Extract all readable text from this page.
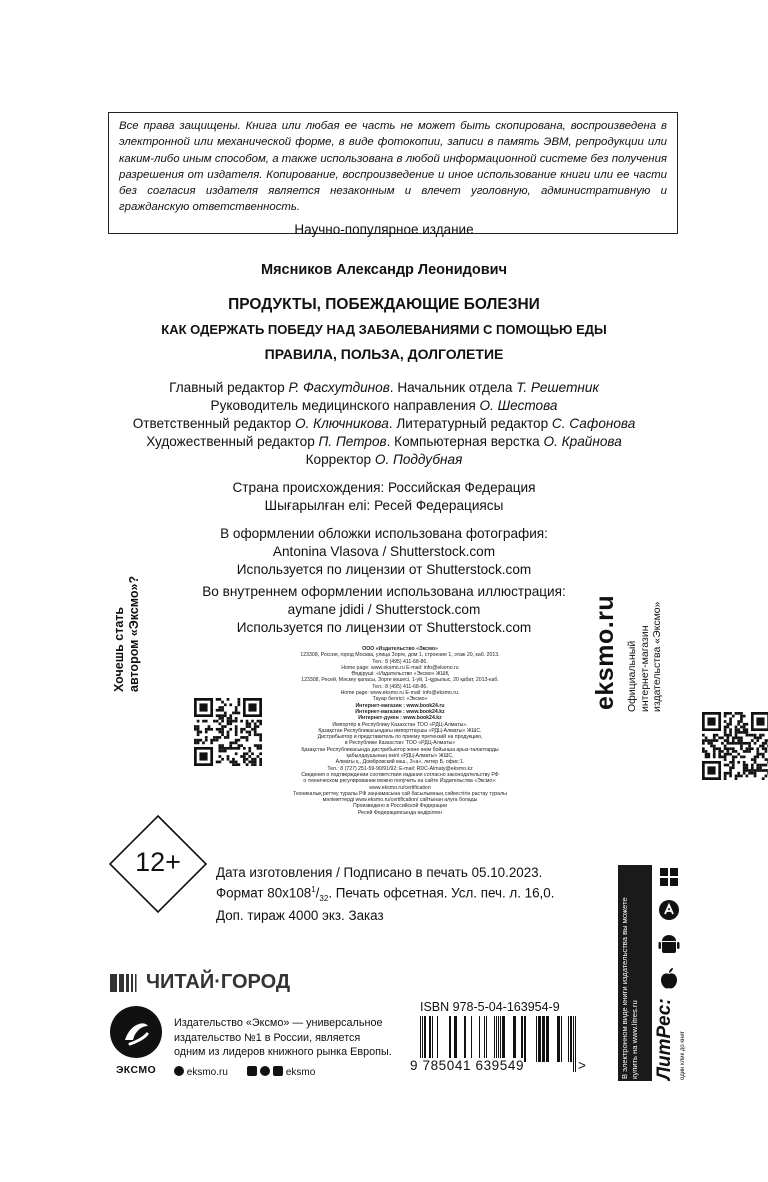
Все права защищены. Книга или любая ее часть не может быть скопирована, воспроизведена в электронной или механической форме, в виде фотокопии, записи в память ЭВМ, репродукции или каким-либо иным способом, а также использована в любой информационной системе без получения разрешения от издателя. Копирование, воспроизведение и иное использование книги или ее части без согласия издателя является незаконным и влечет уголовную, административную и гражданскую ответственность.
Научно-популярное издание
Мясников Александр Леонидович
ПРОДУКТЫ, ПОБЕЖДАЮЩИЕ БОЛЕЗНИ
КАК ОДЕРЖАТЬ ПОБЕДУ НАД ЗАБОЛЕВАНИЯМИ С ПОМОЩЬЮ ЕДЫ
ПРАВИЛА, ПОЛЬЗА, ДОЛГОЛЕТИЕ
Главный редактор Р. Фасхутдинов. Начальник отдела Т. Решетник
Руководитель медицинского направления О. Шестова
Ответственный редактор О. Ключникова. Литературный редактор С. Сафонова
Художественный редактор П. Петров. Компьютерная верстка О. Крайнова
Корректор О. Поддубная
Страна происхождения: Российская Федерация
Шығарылған елі: Ресей Федерациясы
В оформлении обложки использована фотография:
Antonina Vlasova / Shutterstock.com
Используется по лицензии от Shutterstock.com
Во внутреннем оформлении использована иллюстрация:
aymane jdidi / Shutterstock.com
Используется по лицензии от Shutterstock.com
ООО «Издательство «Эксмо»
123308, Россия, город Москва, улица Зорге, дом 1, строение 1, этаж 20, каб. 2013.
Тел.: 8 (495) 411-68-86.
Home page: www.eksmo.ru E-mail: info@eksmo.ru
Өндіруші: «Издательство «Эксмо» ЖШҚ
123308, Ресей, Мәскеу қаласы, Зорге көшесі, 1-үй, 1-құрылыс, 20 қабат, 2013-каб.
Тел.: 8 (495) 411-68-86.
Home page: www.eksmo.ru E-mail: info@eksmo.ru.
Тауар белгісі: «Эксмо»
Интернет-магазин : www.book24.ru
Интернет-магазин : www.book24.kz
Интернет-дүкен : www.book24.kz
Импортёр в Республику Казахстан ТОО «РДЦ-Алматы».
Қазақстан Республикасындағы импорттаушы «РДЦ-Алматы» ЖШС.
Дистрибьютор и представитель по приему претензий на продукцию,
в Республике Казахстан: ТОО «РДЦ-Алматы»
Қазақстан Республикасында дистрибьютор және өнім бойынша арыз-талаптарды
қабылдаушының өкілі «РДЦ-Алматы» ЖШС,
Алматы қ., Домбровский көш., 3«а», литер Б, офис 1.
Тел.: 8 (727) 251-59-90/91/92; E-mail: RDC-Almaty@eksmo.kz
Сведения о подтверждении соответствия издания согласно законодательству РФ
о техническом регулировании можно получить на сайте Издательства «Эксмо»:
www.eksmo.ru/certification
Техникалық реттеу туралы РФ заңнамасына сай басылымның сәйкестігін растау туралы
мәліметтерді www.eksmo.ru/certification/ сайтынан алуға болады
Произведено в Российской Федерации
Ресей Федерациясында өндірілген
Хочешь стать автором «Эксмо»?	eksmo.ru Официальный интернет-магазин издательства «Эксмо»
12+	Дата изготовления / Подписано в печать 05.10.2023.
Формат $80х108^1/_{32}$. Печать офсетная. Усл. печ. л. 16,0.
Доп. тираж 4000 экз. Заказ
ЧИТАЙ·ГОРОД
ЭКСМО
Издательство «Эксмо» — универсальное
издательство №1 в России, является
одним из лидеров книжного рынка Европы.
eksmo.ru	eksmo
ISBN 978-5-04-163954-9
9 785041 639549	>	В электронном виде книги издательства вы можете купить на www.litres.ru ЛитРес: один клик до книг
